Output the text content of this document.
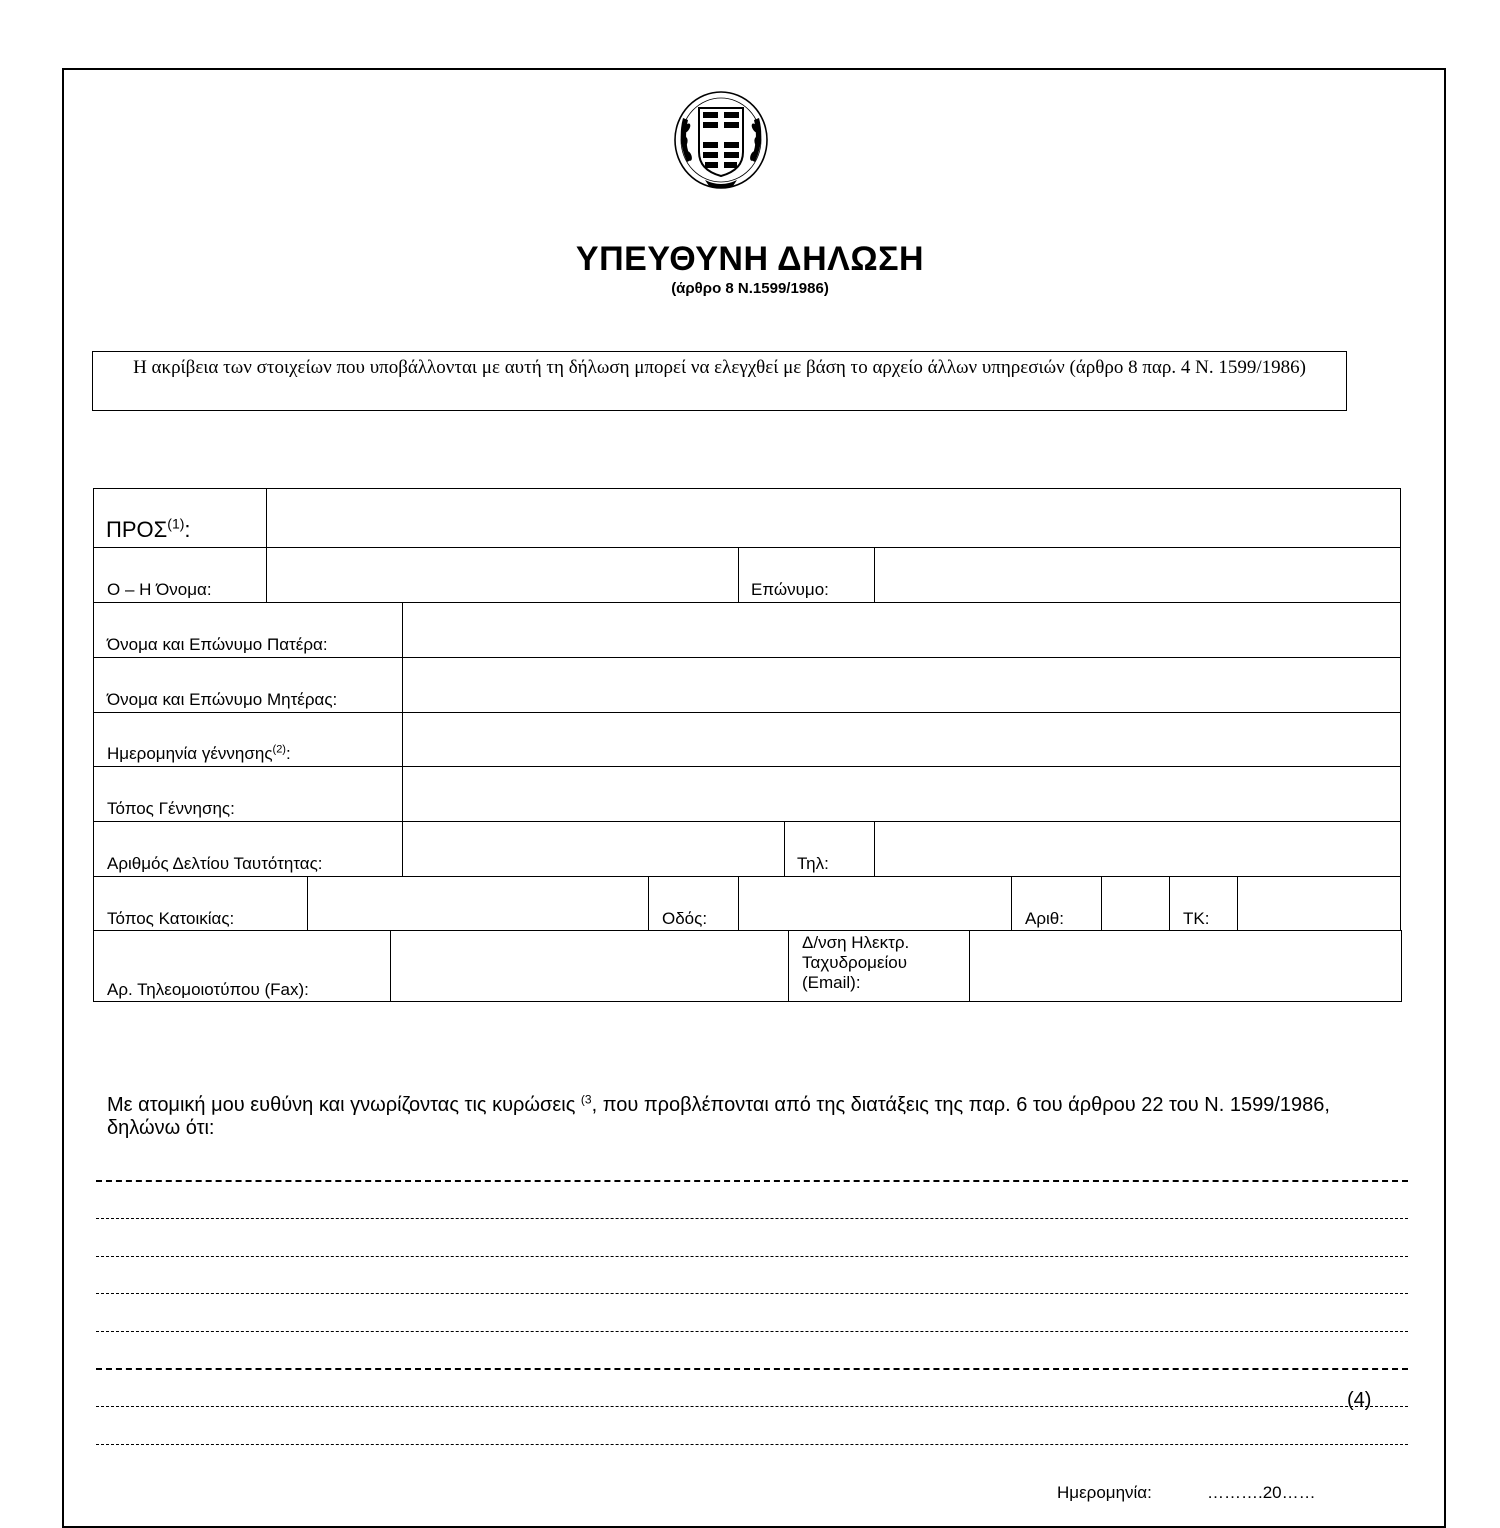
ΥΠΕΥΘΥΝΗ ΔΗΛΩΣΗ
(άρθρο 8 Ν.1599/1986)
Η ακρίβεια των στοιχείων που υποβάλλονται με αυτή τη δήλωση μπορεί να ελεγχθεί με βάση το αρχείο άλλων υπηρεσιών (άρθρο 8 παρ. 4 Ν. 1599/1986)
ΠΡΟΣ$^{(1)}$:
Ο – Η Όνομα:	Επώνυμο:
Όνομα και Επώνυμο Πατέρα:
Όνομα και Επώνυμο Μητέρας:
Ημερομηνία γέννησης$^{(2)}$:
Τόπος Γέννησης:
Αριθμός Δελτίου Ταυτότητας:	Τηλ:
Τόπος Κατοικίας:	Οδός:	Αριθ:	ΤΚ:
Αρ. Τηλεομοιοτύπου (Fax):
Δ/νση Ηλεκτρ. Ταχυδρομείου (Email):
Με ατομική μου ευθύνη και γνωρίζοντας τις κυρώσεις $^{(3}$, που προβλέπονται από της διατάξεις της παρ. 6 του άρθρου 22 του Ν. 1599/1986, δηλώνω ότι:
(4)
Ημερομηνία:	……….20……
